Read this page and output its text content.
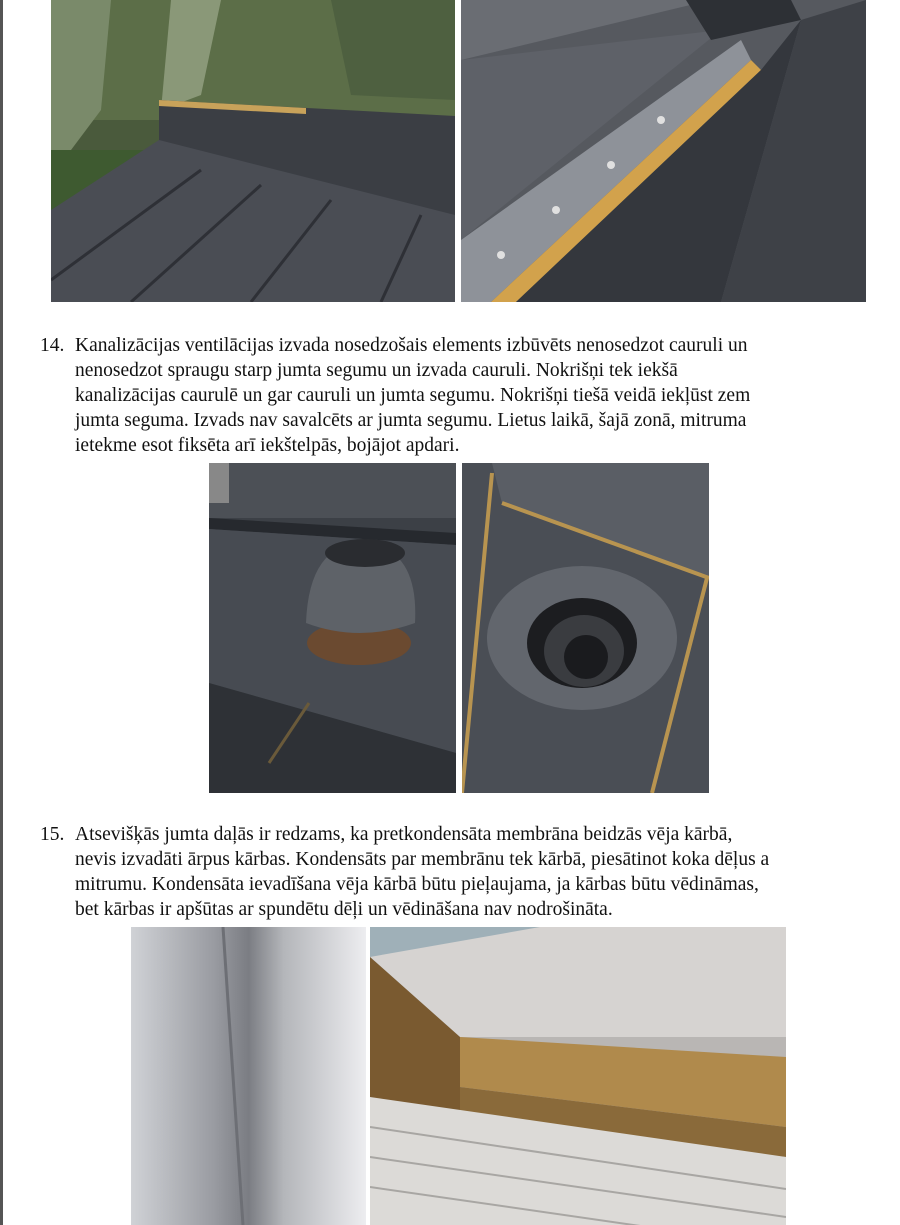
14. Kanalizācijas ventilācijas izvada nosedzošais elements izbūvēts nenosedzot cauruli un
nenosedzot spraugu starp jumta segumu un izvada cauruli. Nokrišņi tek iekšā
kanalizācijas caurulē un gar cauruli un jumta segumu. Nokrišņi tiešā veidā iekļūst zem
jumta seguma. Izvads nav savalcēts ar jumta segumu. Lietus laikā, šajā zonā, mitruma
ietekme esot fiksēta arī iekštelpās, bojājot apdari.
15. Atsevišķās jumta daļās ir redzams, ka pretkondensāta membrāna beidzās vēja kārbā,
nevis izvadāti ārpus kārbas. Kondensāts par membrānu tek kārbā, piesātinot koka dēļus a
mitrumu. Kondensāta ievadīšana vēja kārbā būtu pieļaujama, ja kārbas būtu vēdināmas,
bet kārbas ir apšūtas ar spundētu dēļi un vēdināšana nav nodrošināta.
